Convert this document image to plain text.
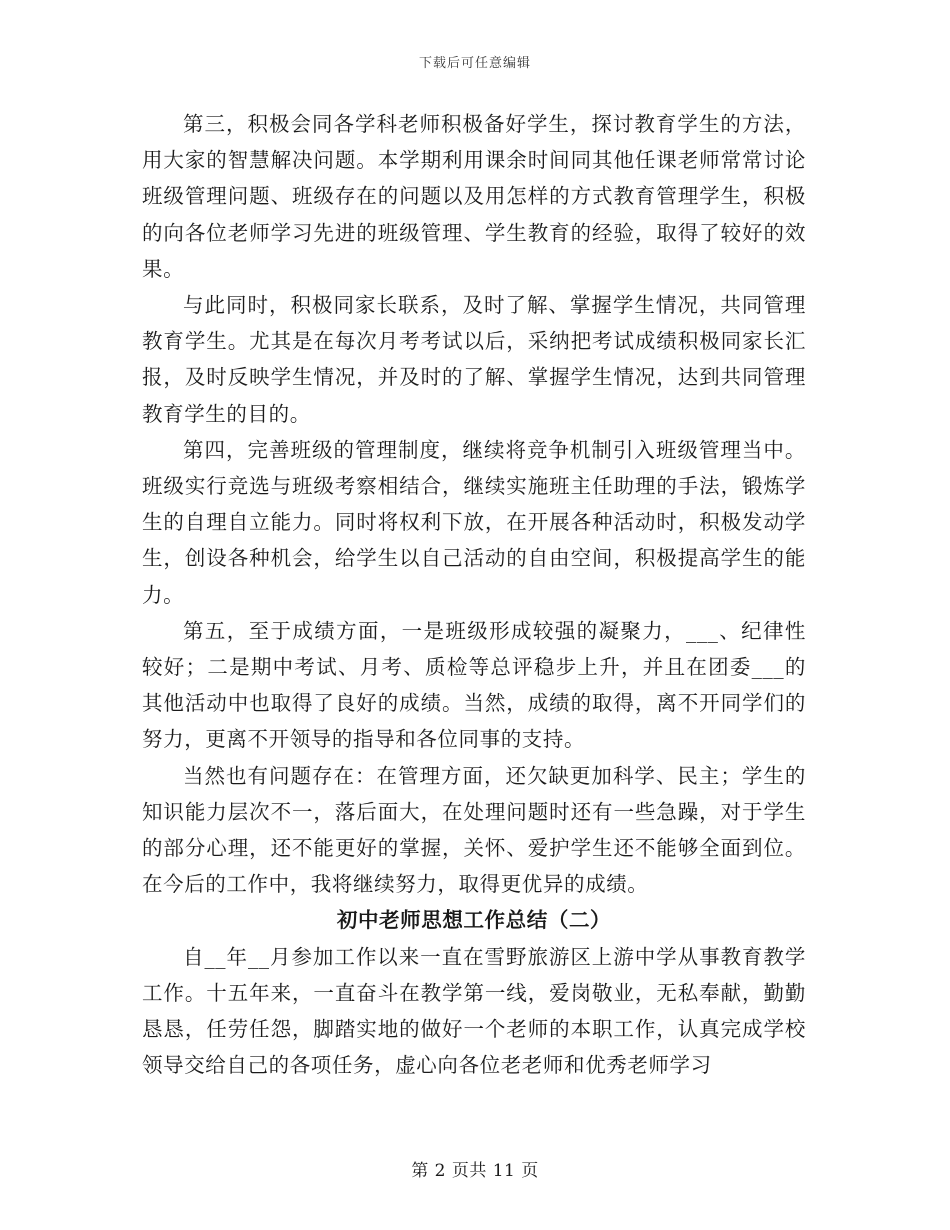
下载后可任意编辑

第三，积极会同各学科老师积极备好学生，探讨教育学生的方法，用大家的智慧解决问题。本学期利用课余时间同其他任课老师常常讨论班级管理问题、班级存在的问题以及用怎样的方式教育管理学生，积极的向各位老师学习先进的班级管理、学生教育的经验，取得了较好的效果。

与此同时，积极同家长联系，及时了解、掌握学生情况，共同管理教育学生。尤其是在每次月考考试以后，采纳把考试成绩积极同家长汇报，及时反映学生情况，并及时的了解、掌握学生情况，达到共同管理教育学生的目的。

第四，完善班级的管理制度，继续将竞争机制引入班级管理当中。班级实行竞选与班级考察相结合，继续实施班主任助理的手法，锻炼学生的自理自立能力。同时将权利下放，在开展各种活动时，积极发动学生，创设各种机会，给学生以自己活动的自由空间，积极提高学生的能力。

第五，至于成绩方面，一是班级形成较强的凝聚力，___、纪律性较好；二是期中考试、月考、质检等总评稳步上升，并且在团委___的其他活动中也取得了良好的成绩。当然，成绩的取得，离不开同学们的努力，更离不开领导的指导和各位同事的支持。

当然也有问题存在：在管理方面，还欠缺更加科学、民主；学生的知识能力层次不一，落后面大，在处理问题时还有一些急躁，对于学生的部分心理，还不能更好的掌握，关怀、爱护学生还不能够全面到位。在今后的工作中，我将继续努力，取得更优异的成绩。

初中老师思想工作总结（二）

自__年__月参加工作以来一直在雪野旅游区上游中学从事教育教学工作。十五年来，一直奋斗在教学第一线，爱岗敬业，无私奉献，勤勤恳恳，任劳任怨，脚踏实地的做好一个老师的本职工作，认真完成学校领导交给自己的各项任务，虚心向各位老老师和优秀老师学习

第 2 页共 11 页
